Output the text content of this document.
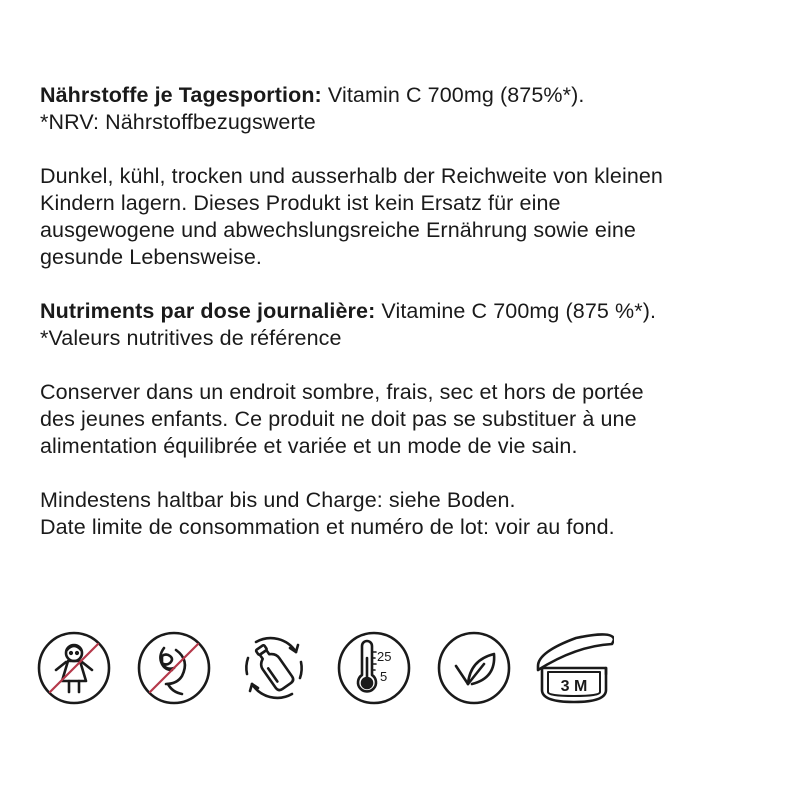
Nährstoffe je Tagesportion: Vitamin C 700mg (875%*).
*NRV: Nährstoffbezugswerte

Dunkel, kühl, trocken und ausserhalb der Reichweite von kleinen
Kindern lagern. Dieses Produkt ist kein Ersatz für eine
ausgewogene und abwechslungsreiche Ernährung sowie eine
gesunde Lebensweise.

Nutriments par dose journalière: Vitamine C 700mg (875 %*).
*Valeurs nutritives de référence

Conserver dans un endroit sombre, frais, sec et hors de portée
des jeunes enfants. Ce produit ne doit pas se substituer à une
alimentation équilibrée et variée et un mode de vie sain.

Mindestens haltbar bis und Charge: siehe Boden.
Date limite de consommation et numéro de lot: voir au fond.

25
5
3 M
